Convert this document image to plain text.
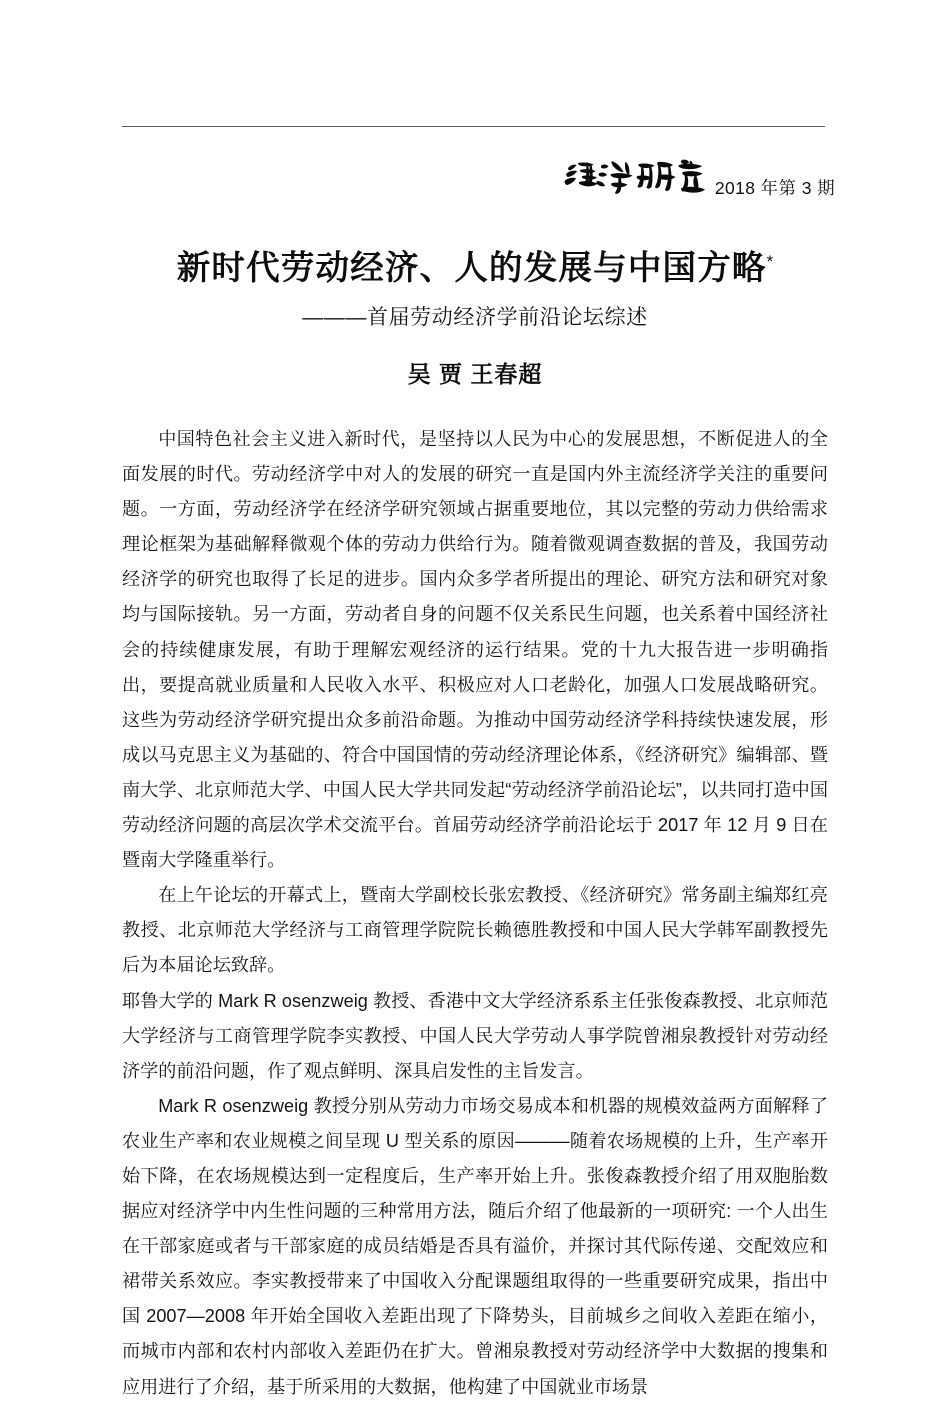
2018 年第 3 期
新时代劳动经济、人的发展与中国方略*
———首届劳动经济学前沿论坛综述
吴 贾 王春超

中国特色社会主义进入新时代，是坚持以人民为中心的发展思想，不断促进人的全面发展的时代。劳动经济学中对人的发展的研究一直是国内外主流经济学关注的重要问题。一方面，劳动经济学在经济学研究领域占据重要地位，其以完整的劳动力供给需求理论框架为基础解释微观个体的劳动力供给行为。随着微观调查数据的普及，我国劳动经济学的研究也取得了长足的进步。国内众多学者所提出的理论、研究方法和研究对象均与国际接轨。另一方面，劳动者自身的问题不仅关系民生问题，也关系着中国经济社会的持续健康发展，有助于理解宏观经济的运行结果。党的十九大报告进一步明确指出，要提高就业质量和人民收入水平、积极应对人口老龄化，加强人口发展战略研究。这些为劳动经济学研究提出众多前沿命题。为推动中国劳动经济学科持续快速发展，形成以马克思主义为基础的、符合中国国情的劳动经济理论体系，《经济研究》编辑部、暨南大学、北京师范大学、中国人民大学共同发起“劳动经济学前沿论坛”，以共同打造中国劳动经济问题的高层次学术交流平台。首届劳动经济学前沿论坛于 2017 年 12 月 9 日在暨南大学隆重举行。

在上午论坛的开幕式上，暨南大学副校长张宏教授、《经济研究》常务副主编郑红亮教授、北京师范大学经济与工商管理学院院长赖德胜教授和中国人民大学韩军副教授先后为本届论坛致辞。

耶鲁大学的 Mark R osenzweig 教授、香港中文大学经济系系主任张俊森教授、北京师范大学经济与工商管理学院李实教授、中国人民大学劳动人事学院曾湘泉教授针对劳动经济学的前沿问题，作了观点鲜明、深具启发性的主旨发言。

Mark R osenzweig 教授分别从劳动力市场交易成本和机器的规模效益两方面解释了农业生产率和农业规模之间呈现 U 型关系的原因———随着农场规模的上升，生产率开始下降，在农场规模达到一定程度后，生产率开始上升。张俊森教授介绍了用双胞胎数据应对经济学中内生性问题的三种常用方法，随后介绍了他最新的一项研究: 一个人出生在干部家庭或者与干部家庭的成员结婚是否具有溢价，并探讨其代际传递、交配效应和裙带关系效应。李实教授带来了中国收入分配课题组取得的一些重要研究成果，指出中国 2007—2008 年开始全国收入差距出现了下降势头，目前城乡之间收入差距在缩小，而城市内部和农村内部收入差距仍在扩大。曾湘泉教授对劳动经济学中大数据的搜集和应用进行了介绍，基于所采用的大数据，他构建了中国就业市场景
